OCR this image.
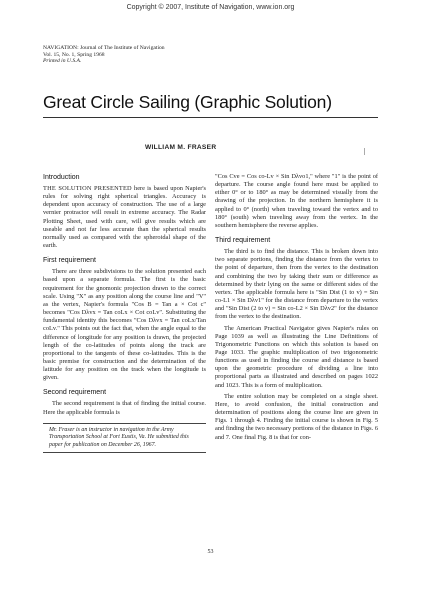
Copyright © 2007, Institute of Navigation, www.ion.org
NAVIGATION: Journal of The Institute of Navigation
Vol. 15, No. 1, Spring 1968
Printed in U.S.A.
Great Circle Sailing (Graphic Solution)
WILLIAM M. FRASER
Introduction

THE SOLUTION PRESENTED here is based upon Napier's rules for solving right spherical triangles. Accuracy is dependent upon accuracy of construction. The use of a large vernier protractor will result in extreme accuracy. The Radar Plotting Sheet, used with care, will give results which are useable and not far less accurate than the spherical results normally used as compared with the spheroidal shape of the earth.

First requirement

There are three subdivisions to the solution presented each based upon a separate formula. The first is the basic requirement for the gnomonic projection drawn to the correct scale. Using "X" as any position along the course line and "V" as the vertex, Napier's formula "Cos B = Tan a × Cot c" becomes "Cos Dλvx = Tan coLx × Cot coLv". Substituting the fundamental identity this becomes "Cos Dλvx = Tan coLx/Tan coLv." This points out the fact that, when the angle equal to the difference of longitude for any position is drawn, the projected length of the co-latitudes of points along the track are proportional to the tangents of these co-latitudes. This is the basic premise for construction and the determination of the latitude for any position on the track when the longitude is given.

Second requirement

The second requirement is that of finding the initial course. Here the applicable formula is

Mr. Fraser is an instructor in navigation in the Army Transportation School at Fort Eustis, Va. He submitted this paper for publication on December 26, 1967.

"Cos Cve = Cos co-Lv × Sin Dλvo1," where "1" is the point of departure. The course angle found here must be applied to either 0° or to 180° as may be determined visually from the drawing of the projection. In the northern hemisphere it is applied to 0° (north) when traveling toward the vertex and to 180° (south) when traveling away from the vertex. In the southern hemisphere the reverse applies.

Third requirement

The third is to find the distance. This is broken down into two separate portions, finding the distance from the vertex to the point of departure, then from the vertex to the destination and combining the two by taking their sum or difference as determined by their lying on the same or different sides of the vertex. The applicable formula here is "Sin Dist (1 to v) = Sin co-L1 × Sin Dλv1" for the distance from departure to the vertex and "Sin Dist (2 to v) = Sin co-L2 × Sin Dλv2" for the distance from the vertex to the destination.

The American Practical Navigator gives Napier's rules on Page 1039 as well as illustrating the Line Definitions of Trigonometric Functions on which this solution is based on Page 1033. The graphic multiplication of two trigonometric functions as used in finding the course and distance is based upon the geometric procedure of dividing a line into proportional parts as illustrated and described on pages 1022 and 1023. This is a form of multiplication.

The entire solution may be completed on a single sheet. Here, to avoid confusion, the initial construction and determination of positions along the course line are given in Figs. 1 through 4. Finding the initial course is shown in Fig. 5 and finding the two necessary portions of the distance in Figs. 6 and 7. One final Fig. 8 is that for con-

53
